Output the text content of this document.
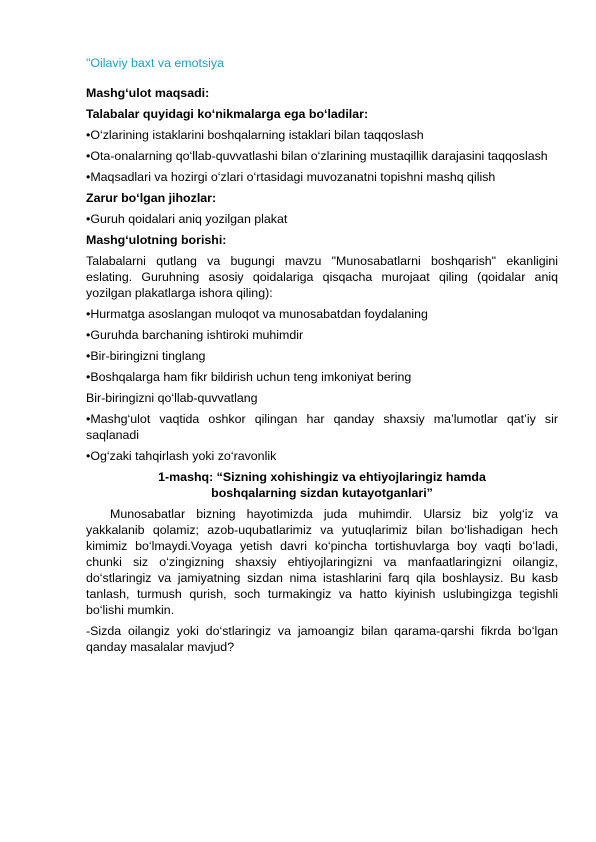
"Oilaviy baxt va emotsiya

Mashg‘ulot maqsadi:

Talabalar quyidagi ko‘nikmalarga ega bo‘ladilar:

•O‘zlarining istaklarini boshqalarning istaklari bilan taqqoslash

•Ota-onalarning qo‘llab-quvvatlashi bilan o‘zlarining mustaqillik darajasini taqqoslash

•Maqsadlari va hozirgi o‘zlari o‘rtasidagi muvozanatni topishni mashq qilish

Zarur bo‘lgan jihozlar:

•Guruh qoidalari aniq yozilgan plakat

Mashg‘ulotning borishi:

Talabalarni qutlang va bugungi mavzu "Munosabatlarni boshqarish" ekanligini eslating. Guruhning asosiy qoidalariga qisqacha murojaat qiling (qoidalar aniq yozilgan plakatlarga ishora qiling):

•Hurmatga asoslangan muloqot va munosabatdan foydalaning

•Guruhda barchaning ishtiroki muhimdir

•Bir-biringizni tinglang

•Boshqalarga ham fikr bildirish uchun teng imkoniyat bering

Bir-biringizni qo‘llab-quvvatlang

•Mashg‘ulot vaqtida oshkor qilingan har qanday shaxsiy ma’lumotlar qat’iy sir saqlanadi

•Og‘zaki tahqirlash yoki zo‘ravonlik

1-mashq: “Sizning xohishingiz va ehtiyojlaringiz hamda

boshqalarning sizdan kutayotganlari”

Munosabatlar bizning hayotimizda juda muhimdir. Ularsiz biz yolg‘iz va yakkalanib qolamiz; azob-uqubatlarimiz va yutuqlarimiz bilan bo‘lishadigan hech kimimiz bo‘lmaydi.Voyaga yetish davri ko‘pincha tortishuvlarga boy vaqti bo‘ladi, chunki siz o‘zingizning shaxsiy ehtiyojlaringizni va manfaatlaringizni oilangiz, do‘stlaringiz va jamiyatning sizdan nima istashlarini farq qila boshlaysiz. Bu kasb tanlash, turmush qurish, soch turmakingiz va hatto kiyinish uslubingizga tegishli bo‘lishi mumkin.

-Sizda oilangiz yoki do‘stlaringiz va jamoangiz bilan qarama-qarshi fikrda bo‘lgan qanday masalalar mavjud?
